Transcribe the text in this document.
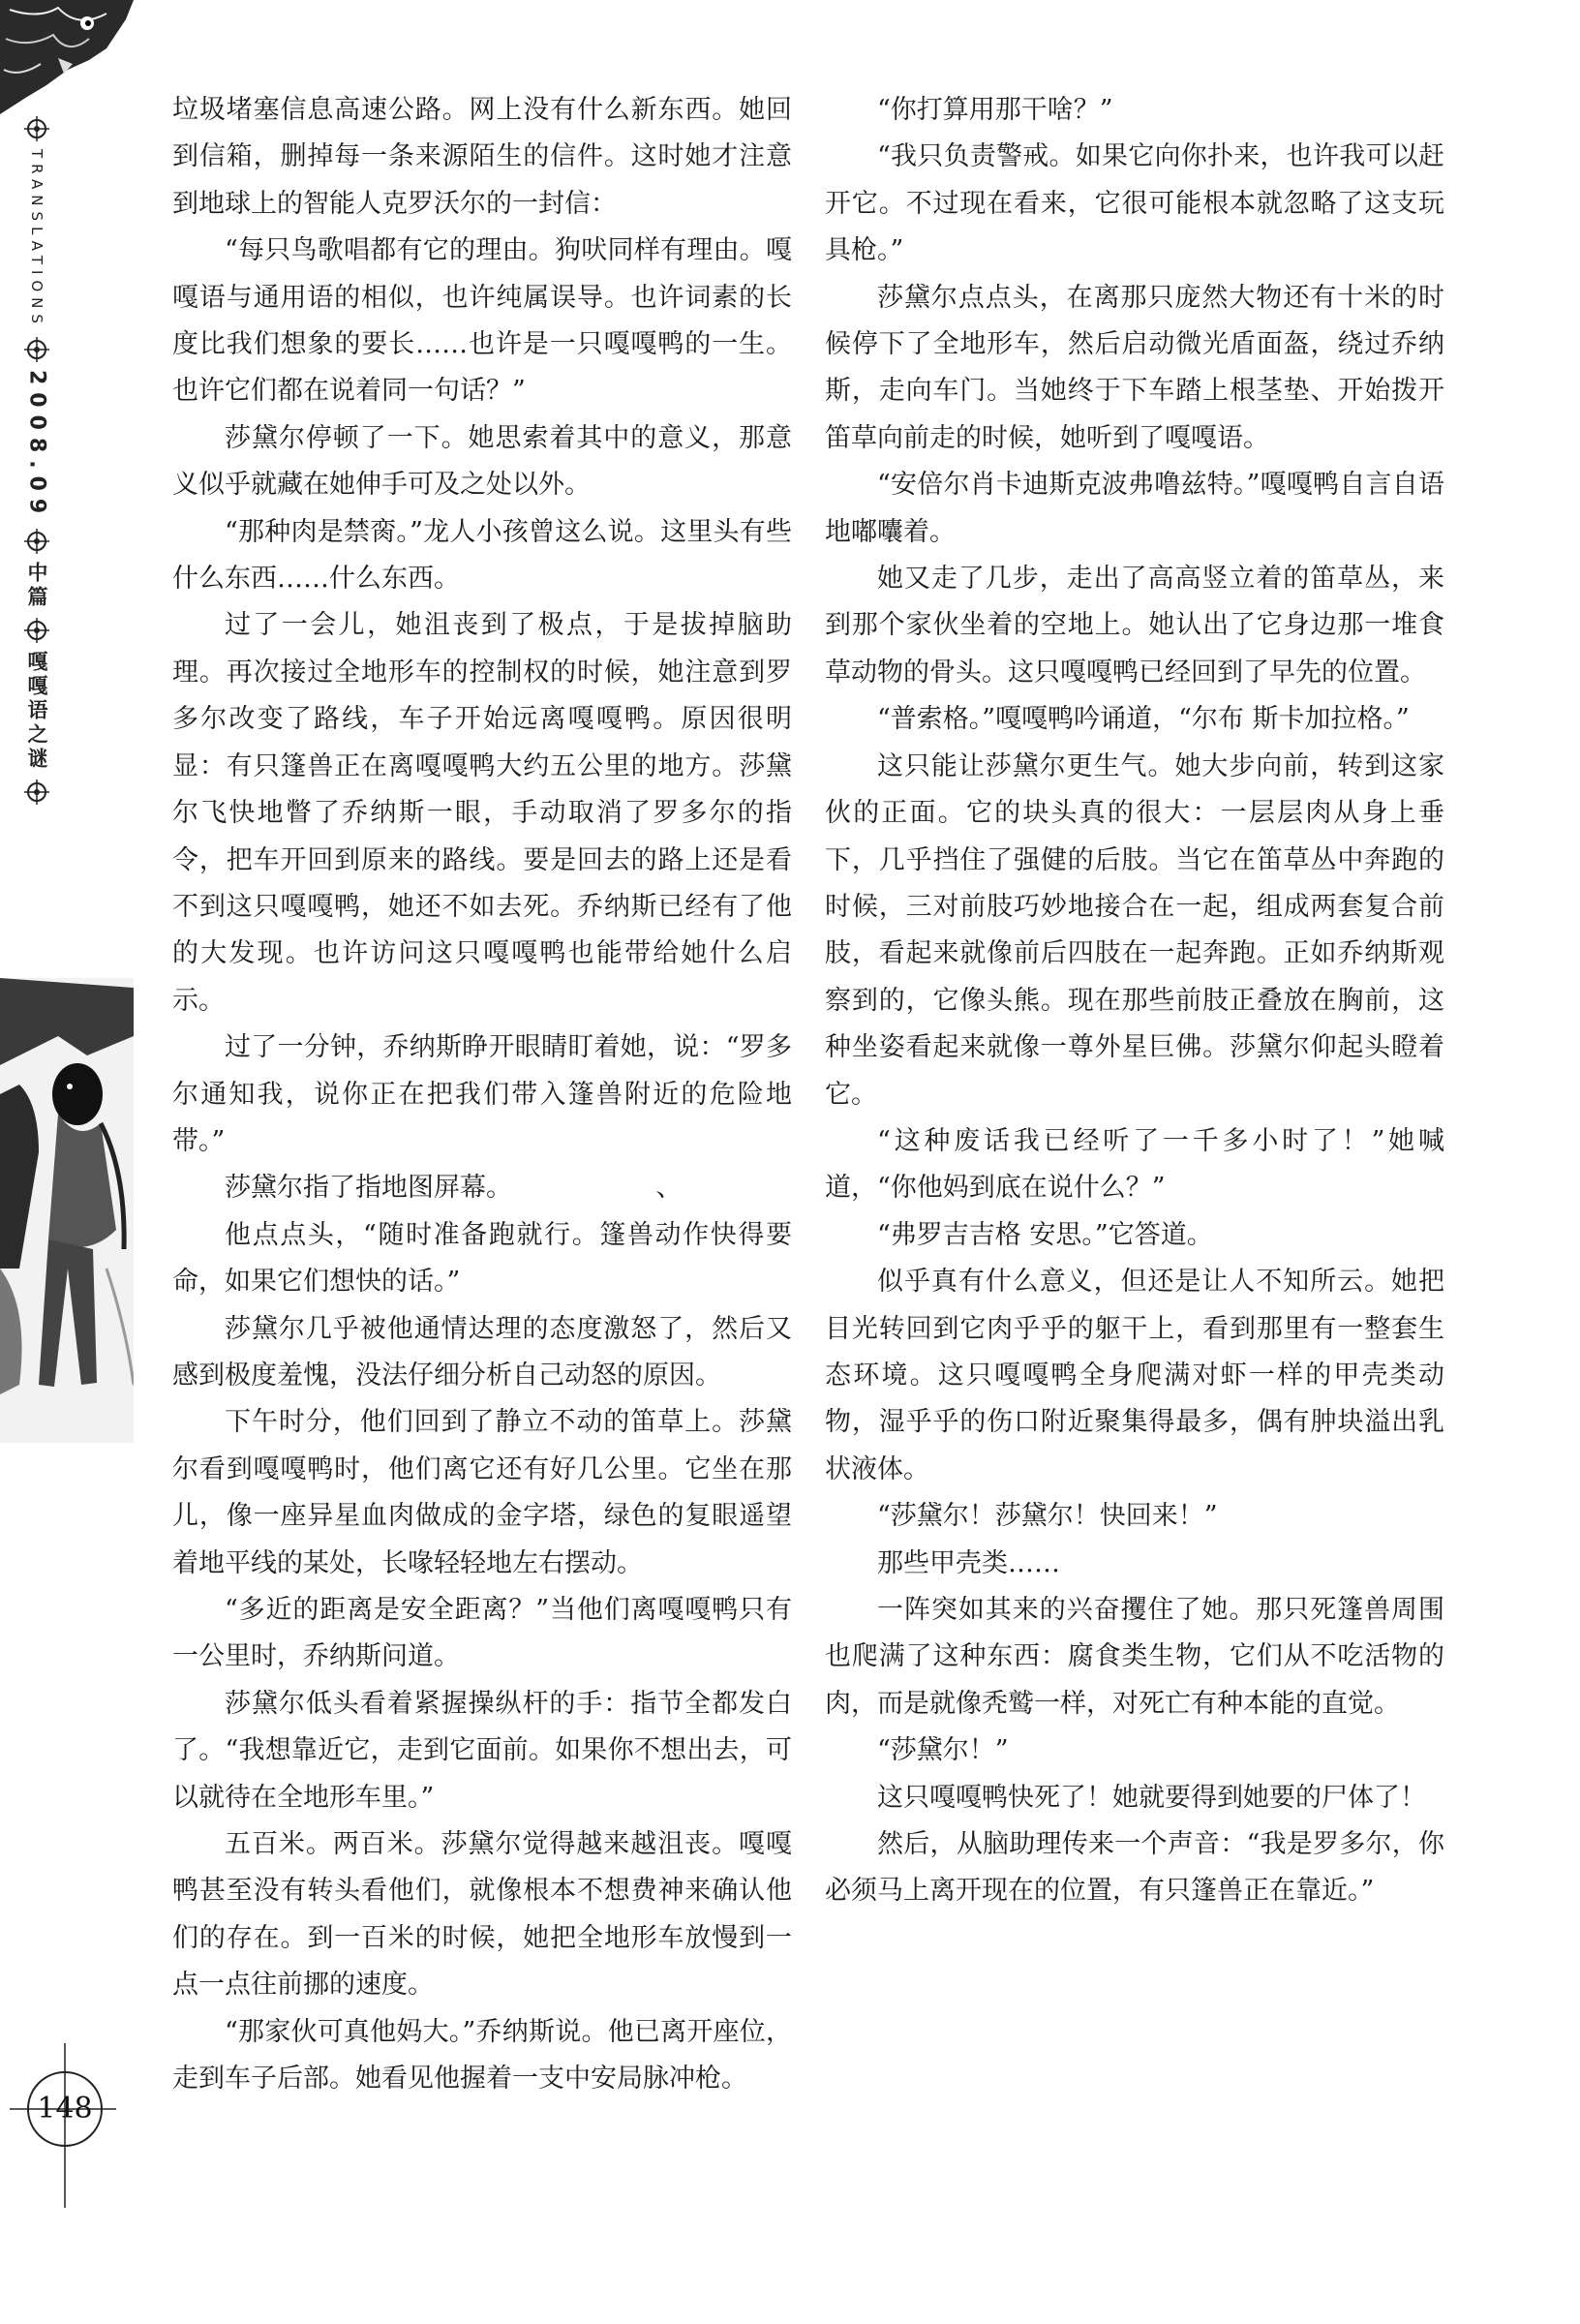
TRANSLATIONS
2008.09
中篇
嘎嘎语之谜

垃圾堵塞信息高速公路。网上没有什么新东西。她回到信箱，删掉每一条来源陌生的信件。这时她才注意到地球上的智能人克罗沃尔的一封信：

“每只鸟歌唱都有它的理由。狗吠同样有理由。嘎嘎语与通用语的相似，也许纯属误导。也许词素的长度比我们想象的要长……也许是一只嘎嘎鸭的一生。也许它们都在说着同一句话？”

莎黛尔停顿了一下。她思索着其中的意义，那意义似乎就藏在她伸手可及之处以外。

“那种肉是禁脔。”龙人小孩曾这么说。这里头有些什么东西……什么东西。

过了一会儿，她沮丧到了极点，于是拔掉脑助理。再次接过全地形车的控制权的时候，她注意到罗多尔改变了路线，车子开始远离嘎嘎鸭。原因很明显：有只篷兽正在离嘎嘎鸭大约五公里的地方。莎黛尔飞快地瞥了乔纳斯一眼，手动取消了罗多尔的指令，把车开回到原来的路线。要是回去的路上还是看不到这只嘎嘎鸭，她还不如去死。乔纳斯已经有了他的大发现。也许访问这只嘎嘎鸭也能带给她什么启示。

过了一分钟，乔纳斯睁开眼睛盯着她，说：“罗多尔通知我，说你正在把我们带入篷兽附近的危险地带。”

莎黛尔指了指地图屏幕。　　　　　　、

他点点头，“随时准备跑就行。篷兽动作快得要命，如果它们想快的话。”

莎黛尔几乎被他通情达理的态度激怒了，然后又感到极度羞愧，没法仔细分析自己动怒的原因。

下午时分，他们回到了静立不动的笛草上。莎黛尔看到嘎嘎鸭时，他们离它还有好几公里。它坐在那儿，像一座异星血肉做成的金字塔，绿色的复眼遥望着地平线的某处，长喙轻轻地左右摆动。

“多近的距离是安全距离？”当他们离嘎嘎鸭只有一公里时，乔纳斯问道。

莎黛尔低头看着紧握操纵杆的手：指节全都发白了。“我想靠近它，走到它面前。如果你不想出去，可以就待在全地形车里。”

五百米。两百米。莎黛尔觉得越来越沮丧。嘎嘎鸭甚至没有转头看他们，就像根本不想费神来确认他们的存在。到一百米的时候，她把全地形车放慢到一点一点往前挪的速度。

“那家伙可真他妈大。”乔纳斯说。他已离开座位，走到车子后部。她看见他握着一支中安局脉冲枪。

“你打算用那干啥？”

“我只负责警戒。如果它向你扑来，也许我可以赶开它。不过现在看来，它很可能根本就忽略了这支玩具枪。”

莎黛尔点点头，在离那只庞然大物还有十米的时候停下了全地形车，然后启动微光盾面盔，绕过乔纳斯，走向车门。当她终于下车踏上根茎垫、开始拨开笛草向前走的时候，她听到了嘎嘎语。

“安倍尔肖卡迪斯克波弗噜兹特。”嘎嘎鸭自言自语地嘟囔着。

她又走了几步，走出了高高竖立着的笛草丛，来到那个家伙坐着的空地上。她认出了它身边那一堆食草动物的骨头。这只嘎嘎鸭已经回到了早先的位置。

“普索格。”嘎嘎鸭吟诵道，“尔布 斯卡加拉格。”

这只能让莎黛尔更生气。她大步向前，转到这家伙的正面。它的块头真的很大：一层层肉从身上垂下，几乎挡住了强健的后肢。当它在笛草丛中奔跑的时候，三对前肢巧妙地接合在一起，组成两套复合前肢，看起来就像前后四肢在一起奔跑。正如乔纳斯观察到的，它像头熊。现在那些前肢正叠放在胸前，这种坐姿看起来就像一尊外星巨佛。莎黛尔仰起头瞪着它。

“这种废话我已经听了一千多小时了！”她喊道，“你他妈到底在说什么？”

“弗罗吉吉格 安思。”它答道。

似乎真有什么意义，但还是让人不知所云。她把目光转回到它肉乎乎的躯干上，看到那里有一整套生态环境。这只嘎嘎鸭全身爬满对虾一样的甲壳类动物，湿乎乎的伤口附近聚集得最多，偶有肿块溢出乳状液体。

“莎黛尔！莎黛尔！快回来！”

那些甲壳类……

一阵突如其来的兴奋攫住了她。那只死篷兽周围也爬满了这种东西：腐食类生物，它们从不吃活物的肉，而是就像秃鹫一样，对死亡有种本能的直觉。

“莎黛尔！”

这只嘎嘎鸭快死了！她就要得到她要的尸体了！

然后，从脑助理传来一个声音：“我是罗多尔，你必须马上离开现在的位置，有只篷兽正在靠近。”

148
